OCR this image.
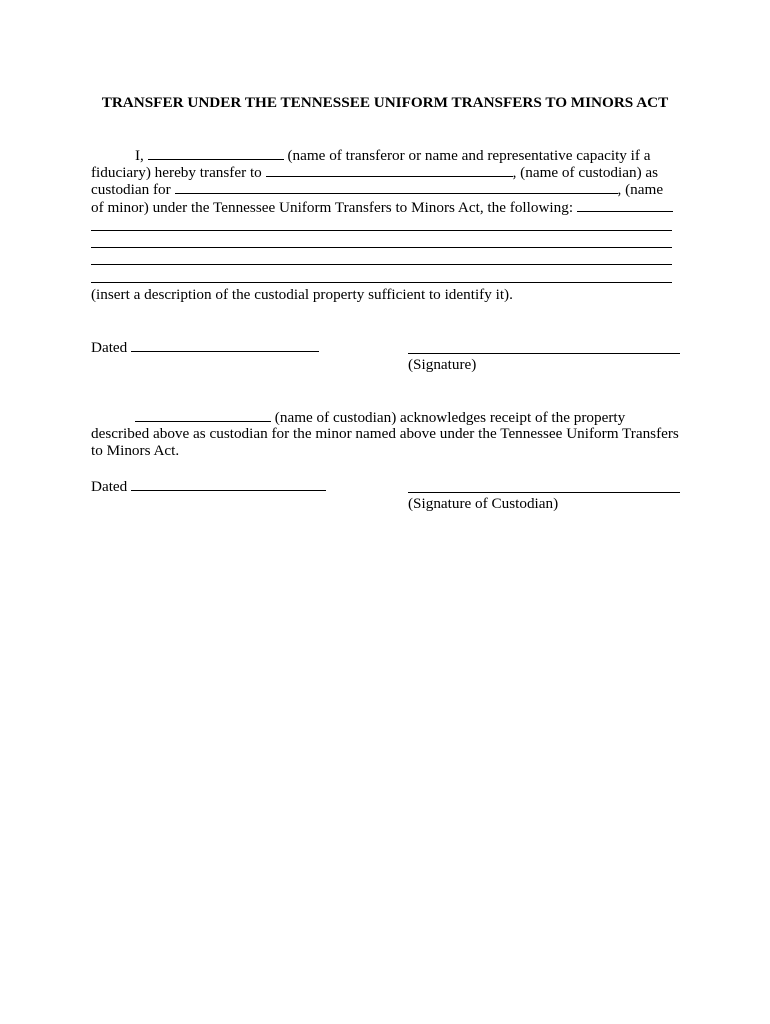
TRANSFER UNDER THE TENNESSEE UNIFORM TRANSFERS TO MINORS ACT
I,	(name of transferor or name and representative capacity if a
fiduciary) hereby transfer to	, (name of custodian) as
custodian for	, (name
of minor) under the Tennessee Uniform Transfers to Minors Act, the following:
(insert a description of the custodial property sufficient to identify it).
Dated
(Signature)
(name of custodian) acknowledges receipt of the property
described above as custodian for the minor named above under the Tennessee Uniform Transfers
to Minors Act.
Dated
(Signature of Custodian)
